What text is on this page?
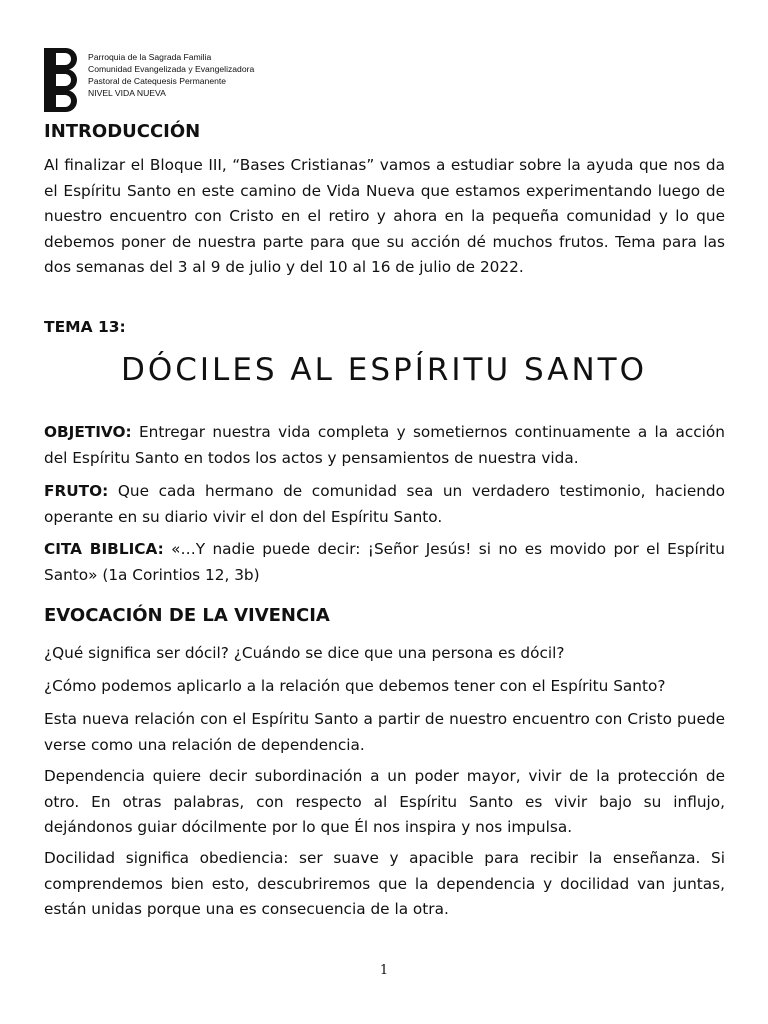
Parroquia de la Sagrada Familia
Comunidad Evangelizada y Evangelizadora
Pastoral de Catequesis Permanente
NIVEL VIDA NUEVA
INTRODUCCIÓN
Al finalizar el Bloque III, “Bases Cristianas” vamos a estudiar sobre la ayuda que nos da el Espíritu Santo en este camino de Vida Nueva que estamos experimentando luego de nuestro encuentro con Cristo en el retiro y ahora en la pequeña comunidad y lo que debemos poner de nuestra parte para que su acción dé muchos frutos. Tema para las dos semanas del 3 al 9 de julio y del 10 al 16 de julio de 2022.
TEMA 13:
DÓCILES AL ESPÍRITU SANTO
OBJETIVO: Entregar nuestra vida completa y sometiernos continuamente a la acción del Espíritu Santo en todos los actos y pensamientos de nuestra vida.
FRUTO: Que cada hermano de comunidad sea un verdadero testimonio, haciendo operante en su diario vivir el don del Espíritu Santo.
CITA BIBLICA: «…Y nadie puede decir: ¡Señor Jesús! si no es movido por el Espíritu Santo» (1a Corintios 12, 3b)
EVOCACIÓN DE LA VIVENCIA
¿Qué significa ser dócil? ¿Cuándo se dice que una persona es dócil?
¿Cómo podemos aplicarlo a la relación que debemos tener con el Espíritu Santo?
Esta nueva relación con el Espíritu Santo a partir de nuestro encuentro con Cristo puede verse como una relación de dependencia.
Dependencia quiere decir subordinación a un poder mayor, vivir de la protección de otro. En otras palabras, con respecto al Espíritu Santo es vivir bajo su influjo, dejándonos guiar dócilmente por lo que Él nos inspira y nos impulsa.
Docilidad significa obediencia: ser suave y apacible para recibir la enseñanza. Si comprendemos bien esto, descubriremos que la dependencia y docilidad van juntas, están unidas porque una es consecuencia de la otra.
1
